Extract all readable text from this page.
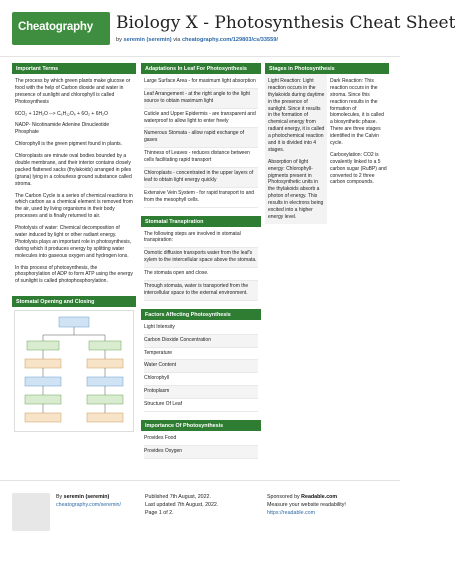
Cheatography Biology X - Photosynthesis Cheat Sheet
by seremin (seremin) via cheatography.com/129803/cs/33559/
Important Terms
The process by which green plants make glucose or food with the help of Carbon dioxide and water in presence of sunlight and chlorophyll is called Photosynthesis
6CO₂ + 12H₂O --> C₆H₁₂O₆ + 6O₂ + 6H₂O
NADP- Nicotinamide Adenine Dinucleotide Phosphate
Chlorophyll is the green pigment found in plants.
Chloroplasts are minute oval bodies bounded by a double membrane, and their interior contains closely packed flattened sacks (thylakoids) arranged in piles (grana) lying in a colourless ground substance called stroma.
The Carbon Cycle is a series of chemical reactions in which carbon as a chemical element is removed from the air, used by living organisms in their body processes and is finally returned to air.
Photolysis of water: Chemical decomposition of water induced by light or other radiant energy. Photolysis plays an important role in photosynthesis, during which it produces energy by splitting water molecules into gaseous oxygen and hydrogen ions.
In this process of photosynthesis, the phosphorylation of ADP to form ATP using the energy of sunlight is called photophosphorylation.
Stomatal Opening and Closing
Adaptations In Leaf For Photosynthesis
Large Surface Area - for maximum light absorption
Leaf Arrangement - at the right angle to the light source to obtain maximum light
Cuticle and Upper Epidermis - are transparent and waterproof to allow light to enter freely
Numerous Stomata - allow rapid exchange of gases
Thinness of Leaves - reduces distance between cells facilitating rapid transport
Chloroplasts - concentrated in the upper layers of leaf to obtain light energy quickly
Extensive Vein System - for rapid transport to and from the mesophyll cells.
Stomatal Transpiration
The following steps are involved in stomatal transpiration:
Osmotic diffusion transports water from the leaf's xylem to the intercellular space above the stomata.
The stomata open and close.
Through stomata, water is transported from the intercellular space to the external environment.
Factors Affecting Photosynthesis
Light Intensity
Carbon Dioxide Concentration
Temperature
Water Content
Chlorophyll
Protoplasm
Structure Of Leaf
Importance Of Photosynthesis
Provides Food
Provides Oxygen
Stages in Photosynthesis
Light Reaction: Light reaction occurs in the thylakoids during daytime in the presence of sunlight. Since it results in the formation of chemical energy from radiant energy, it is called a photochemical reaction and it is divided into 4 stages.
Absorption of light energy: Chlorophyll-pigments present in Photosynthetic units in the thylakoids absorb a photon of energy. This results in electrons being excited into a higher energy level.
Dark Reaction: This reaction occurs in the stroma. Since this reaction results in the formation of biomolecules, it is called a biosynthetic phase. There are three stages identified in the Calvin cycle.
Carboxylation: CO2 is covalently linked to a 5 carbon sugar (RuBP) and converted to 2 three carbon compounds.
By seremin (seremin)
cheatography.com/seremin/
Published 7th August, 2022.
Last updated 7th August, 2022.
Page 1 of 2.
Sponsored by Readable.com
Measure your website readability!
https://readable.com
